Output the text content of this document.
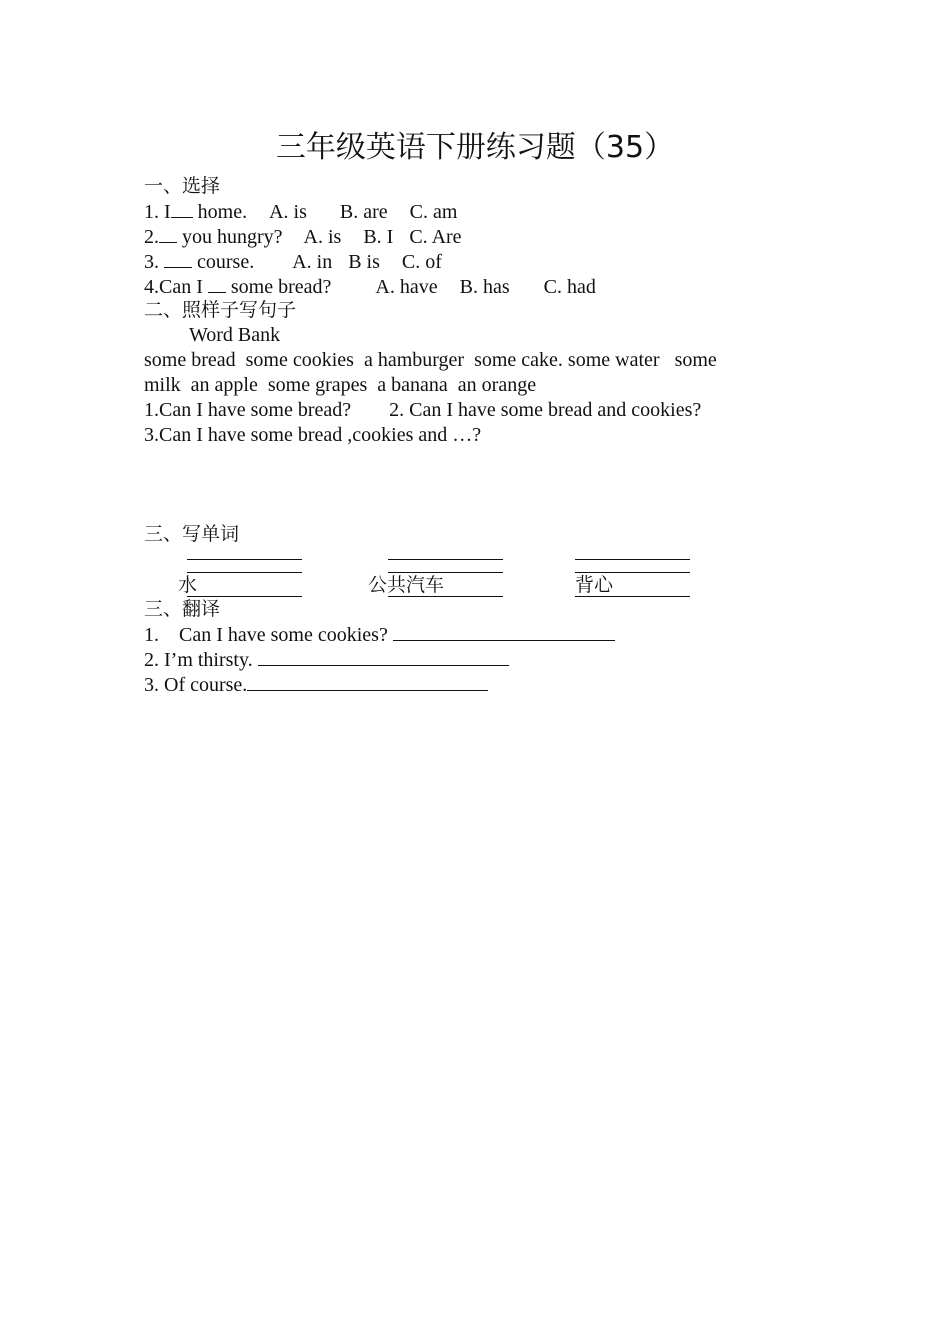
三年级英语下册练习题（35）
一、选择
1. I home. A. is B. are C. am
2. you hungry? A. is B. I C. Are
3.  course. A. in B is C. of
4.Can I  some bread? A. have B. has C. had
二、照样子写句子
Word Bank
some bread  some cookies  a hamburger  some cake. some water   some
milk  an apple  some grapes  a banana  an orange
1.Can I have some bread? 2. Can I have some bread and cookies?
3.Can I have some bread ,cookies and …?
三、写单词
水	公共汽车	背心
三、翻译
1.    Can I have some cookies?
2. I’m thirsty.
3. Of course.
